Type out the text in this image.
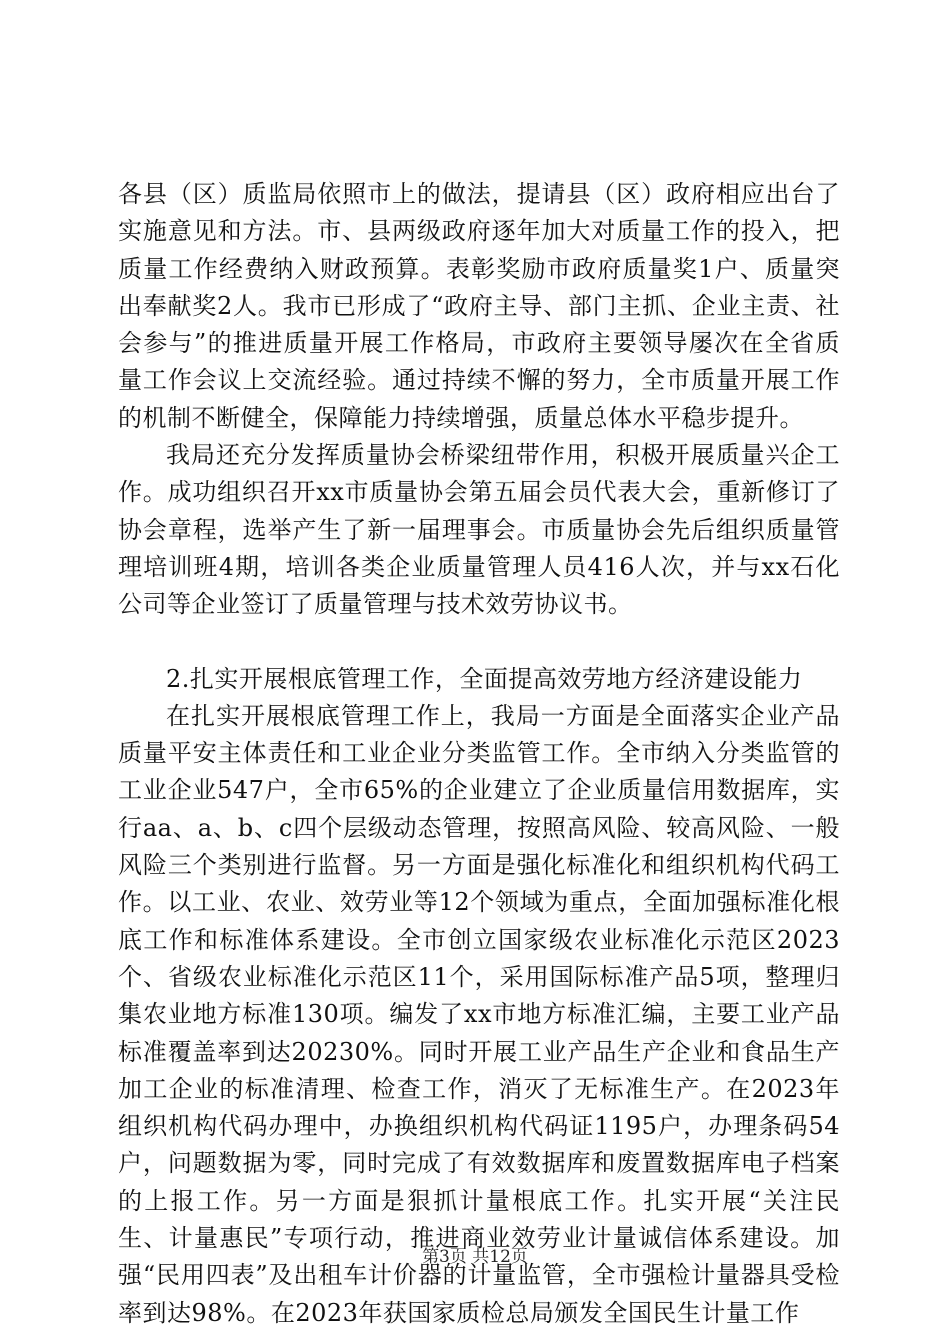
各县（区）质监局依照市上的做法，提请县（区）政府相应出台了实施意见和方法。市、县两级政府逐年加大对质量工作的投入，把质量工作经费纳入财政预算。表彰奖励市政府质量奖1户、质量突出奉献奖2人。我市已形成了“政府主导、部门主抓、企业主责、社会参与”的推进质量开展工作格局，市政府主要领导屡次在全省质量工作会议上交流经验。通过持续不懈的努力，全市质量开展工作的机制不断健全，保障能力持续增强，质量总体水平稳步提升。

我局还充分发挥质量协会桥梁纽带作用，积极开展质量兴企工作。成功组织召开xx市质量协会第五届会员代表大会，重新修订了协会章程，选举产生了新一届理事会。市质量协会先后组织质量管理培训班4期，培训各类企业质量管理人员416人次，并与xx石化公司等企业签订了质量管理与技术效劳协议书。

2.扎实开展根底管理工作，全面提高效劳地方经济建设能力

在扎实开展根底管理工作上，我局一方面是全面落实企业产品质量平安主体责任和工业企业分类监管工作。全市纳入分类监管的工业企业547户，全市65%的企业建立了企业质量信用数据库，实行aa、a、b、c四个层级动态管理，按照高风险、较高风险、一般风险三个类别进行监督。另一方面是强化标准化和组织机构代码工作。以工业、农业、效劳业等12个领域为重点，全面加强标准化根底工作和标准体系建设。全市创立国家级农业标准化示范区2023个、省级农业标准化示范区11个，采用国际标准产品5项，整理归集农业地方标准130项。编发了xx市地方标准汇编，主要工业产品标准覆盖率到达20230%。同时开展工业产品生产企业和食品生产加工企业的标准清理、检查工作，消灭了无标准生产。在2023年组织机构代码办理中，办换组织机构代码证1195户，办理条码54户，问题数据为零，同时完成了有效数据库和废置数据库电子档案的上报工作。另一方面是狠抓计量根底工作。扎实开展“关注民生、计量惠民”专项行动，推进商业效劳业计量诚信体系建设。加强“民用四表”及出租车计价器的计量监管，全市强检计量器具受检率到达98%。在2023年获国家质检总局颁发全国民生计量工作

第3页 共12页
